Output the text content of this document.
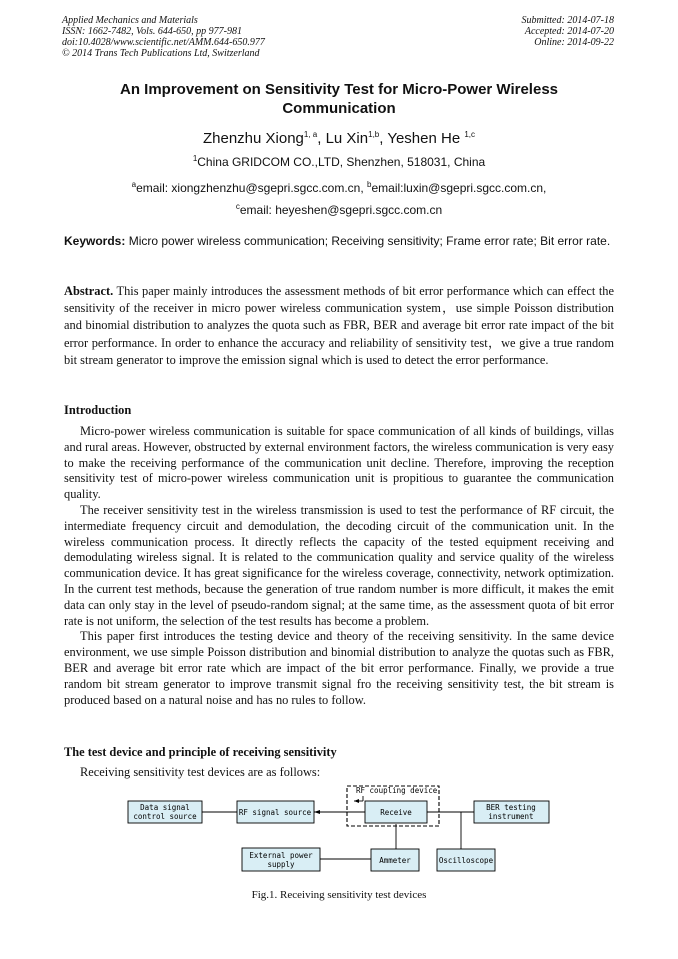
Applied Mechanics and Materials
ISSN: 1662-7482, Vols. 644-650, pp 977-981
doi:10.4028/www.scientific.net/AMM.644-650.977
© 2014 Trans Tech Publications Ltd, Switzerland
Submitted: 2014-07-18
Accepted: 2014-07-20
Online: 2014-09-22
An Improvement on Sensitivity Test for Micro-Power Wireless
Communication
Zhenzhu Xiong$^{1, a}$, Lu Xin$^{1,b}$, Yeshen He $^{1,c}$
$^1$China GRIDCOM CO.,LTD, Shenzhen, 518031, China
$^a$email: xiongzhenzhu@sgepri.sgcc.com.cn, $^b$email:luxin@sgepri.sgcc.com.cn,
$^c$email: heyeshen@sgepri.sgcc.com.cn
Keywords: Micro power wireless communication; Receiving sensitivity; Frame error rate; Bit error rate.
Abstract. This paper mainly introduces the assessment methods of bit error performance which can effect the sensitivity of the receiver in micro power wireless communication system，use simple Poisson distribution and binomial distribution to analyzes the quota such as FBR, BER and average bit error rate impact of the bit error performance. In order to enhance the accuracy and reliability of sensitivity test，we give a true random bit stream generator to improve the emission signal which is used to detect the error performance.
Introduction

Micro-power wireless communication is suitable for space communication of all kinds of buildings, villas and rural areas. However, obstructed by external environment factors, the wireless communication is very easy to make the receiving performance of the communication unit decline. Therefore, improving the reception sensitivity test of micro-power wireless communication unit is propitious to guarantee the communication quality.

The receiver sensitivity test in the wireless transmission is used to test the performance of RF circuit, the intermediate frequency circuit and demodulation, the decoding circuit of the communication unit. In the wireless communication process. It directly reflects the capacity of the tested equipment receiving and demodulating wireless signal. It is related to the communication quality and service quality of the wireless communication device. It has great significance for the wireless coverage, connectivity, network optimization. In the current test methods, because the generation of true random number is more difficult, it makes the emit data can only stay in the level of pseudo-random signal; at the same time, as the assessment quota of bit error rate is not uniform, the selection of the test results has become a problem.

This paper first introduces the testing device and theory of the receiving sensitivity. In the same device environment, we use simple Poisson distribution and binomial distribution to analyze the quotas such as FBR, BER and average bit error rate which are impact of the bit error performance. Finally, we provide a true random bit stream generator to improve transmit signal fro the receiving sensitivity test, the bit stream is produced based on a natural noise and has no rules to follow.

The test device and principle of receiving sensitivity

Receiving sensitivity test devices are as follows:

RF coupling device
Data signal
control source	RF signal source	Receive
BER testing
instrument
External power
supply	Ammeter	Oscilloscope
Fig.1. Receiving sensitivity test devices
